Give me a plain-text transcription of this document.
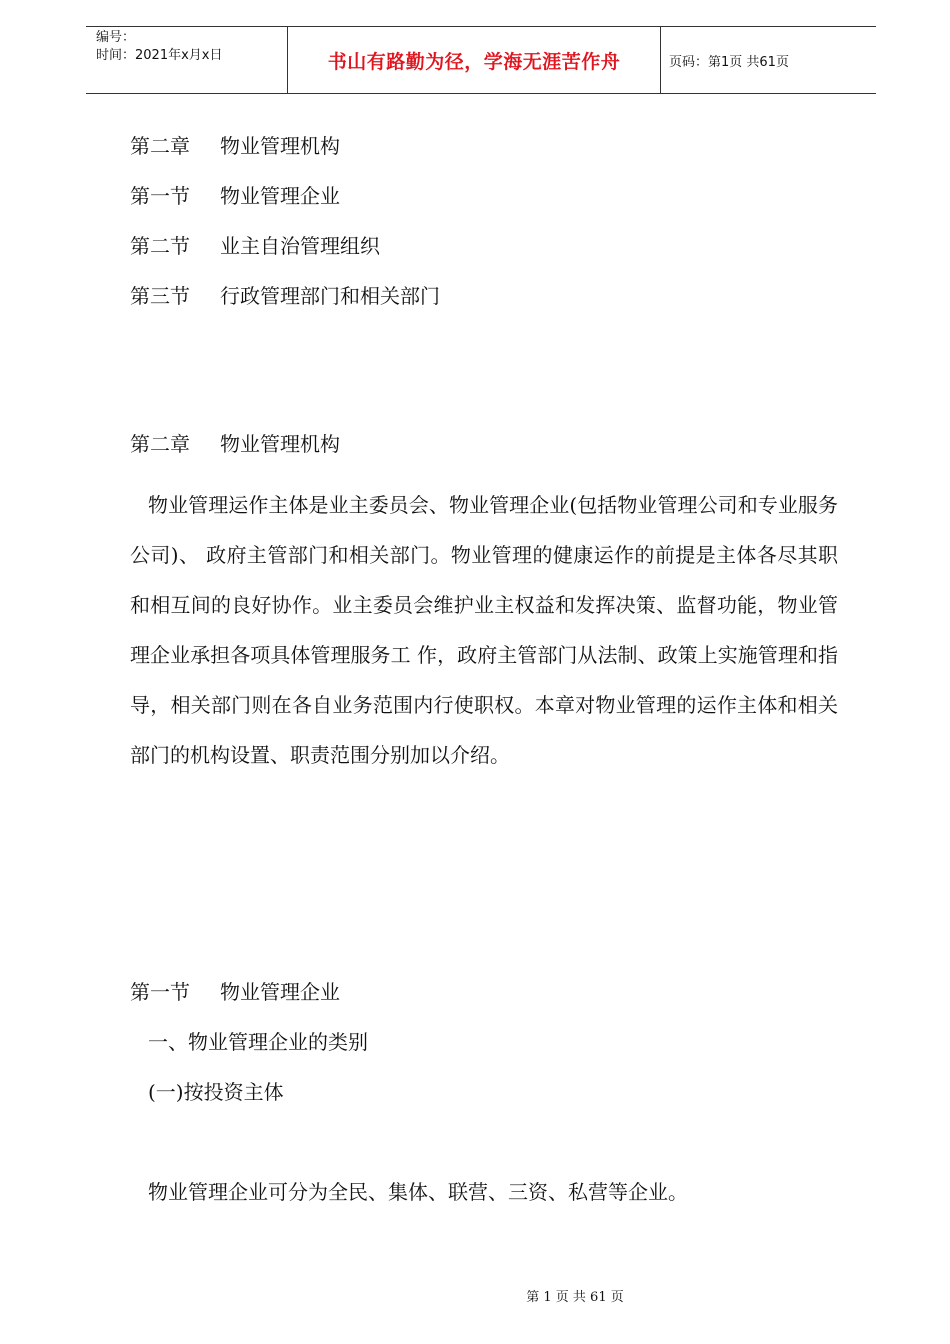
编号：
时间：2021年x月x日	书山有路勤为径，学海无涯苦作舟	页码：第1页 共61页
第二章 物业管理机构
第一节 物业管理企业
第二节 业主自治管理组织
第三节 行政管理部门和相关部门
第二章 物业管理机构
物业管理运作主体是业主委员会、物业管理企业(包括物业管理公司和专业服务公司)、 政府主管部门和相关部门。物业管理的健康运作的前提是主体各尽其职和相互间的良好协作。业主委员会维护业主权益和发挥决策、监督功能，物业管理企业承担各项具体管理服务工 作，政府主管部门从法制、政策上实施管理和指导，相关部门则在各自业务范围内行使职权。本章对物业管理的运作主体和相关部门的机构设置、职责范围分别加以介绍。
第一节 物业管理企业
一、物业管理企业的类别
(一)按投资主体
物业管理企业可分为全民、集体、联营、三资、私营等企业。
第 1 页 共 61 页
